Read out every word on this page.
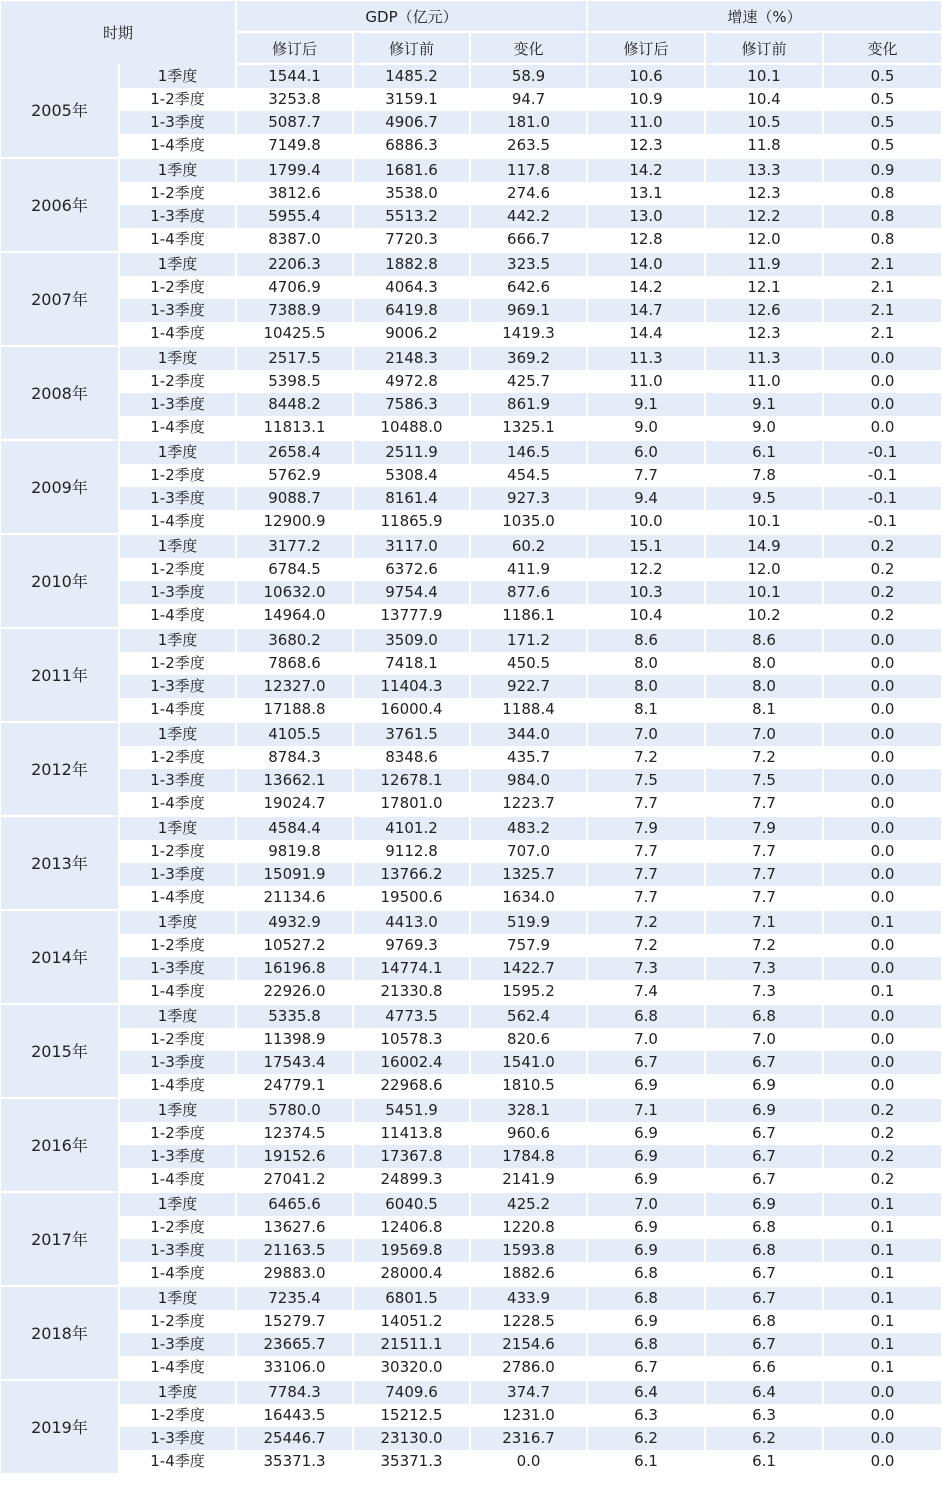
时期		GDP（亿元）			增速（%）		
		修订后	修订前	变化	修订后	修订前	变化
2005年	1季度	1544.1	1485.2	58.9	10.6	10.1	0.5
	1-2季度	3253.8	3159.1	94.7	10.9	10.4	0.5
	1-3季度	5087.7	4906.7	181.0	11.0	10.5	0.5
	1-4季度	7149.8	6886.3	263.5	12.3	11.8	0.5
2006年	1季度	1799.4	1681.6	117.8	14.2	13.3	0.9
	1-2季度	3812.6	3538.0	274.6	13.1	12.3	0.8
	1-3季度	5955.4	5513.2	442.2	13.0	12.2	0.8
	1-4季度	8387.0	7720.3	666.7	12.8	12.0	0.8
2007年	1季度	2206.3	1882.8	323.5	14.0	11.9	2.1
	1-2季度	4706.9	4064.3	642.6	14.2	12.1	2.1
	1-3季度	7388.9	6419.8	969.1	14.7	12.6	2.1
	1-4季度	10425.5	9006.2	1419.3	14.4	12.3	2.1
2008年	1季度	2517.5	2148.3	369.2	11.3	11.3	0.0
	1-2季度	5398.5	4972.8	425.7	11.0	11.0	0.0
	1-3季度	8448.2	7586.3	861.9	9.1	9.1	0.0
	1-4季度	11813.1	10488.0	1325.1	9.0	9.0	0.0
2009年	1季度	2658.4	2511.9	146.5	6.0	6.1	-0.1
	1-2季度	5762.9	5308.4	454.5	7.7	7.8	-0.1
	1-3季度	9088.7	8161.4	927.3	9.4	9.5	-0.1
	1-4季度	12900.9	11865.9	1035.0	10.0	10.1	-0.1
2010年	1季度	3177.2	3117.0	60.2	15.1	14.9	0.2
	1-2季度	6784.5	6372.6	411.9	12.2	12.0	0.2
	1-3季度	10632.0	9754.4	877.6	10.3	10.1	0.2
	1-4季度	14964.0	13777.9	1186.1	10.4	10.2	0.2
2011年	1季度	3680.2	3509.0	171.2	8.6	8.6	0.0
	1-2季度	7868.6	7418.1	450.5	8.0	8.0	0.0
	1-3季度	12327.0	11404.3	922.7	8.0	8.0	0.0
	1-4季度	17188.8	16000.4	1188.4	8.1	8.1	0.0
2012年	1季度	4105.5	3761.5	344.0	7.0	7.0	0.0
	1-2季度	8784.3	8348.6	435.7	7.2	7.2	0.0
	1-3季度	13662.1	12678.1	984.0	7.5	7.5	0.0
	1-4季度	19024.7	17801.0	1223.7	7.7	7.7	0.0
2013年	1季度	4584.4	4101.2	483.2	7.9	7.9	0.0
	1-2季度	9819.8	9112.8	707.0	7.7	7.7	0.0
	1-3季度	15091.9	13766.2	1325.7	7.7	7.7	0.0
	1-4季度	21134.6	19500.6	1634.0	7.7	7.7	0.0
2014年	1季度	4932.9	4413.0	519.9	7.2	7.1	0.1
	1-2季度	10527.2	9769.3	757.9	7.2	7.2	0.0
	1-3季度	16196.8	14774.1	1422.7	7.3	7.3	0.0
	1-4季度	22926.0	21330.8	1595.2	7.4	7.3	0.1
2015年	1季度	5335.8	4773.5	562.4	6.8	6.8	0.0
	1-2季度	11398.9	10578.3	820.6	7.0	7.0	0.0
	1-3季度	17543.4	16002.4	1541.0	6.7	6.7	0.0
	1-4季度	24779.1	22968.6	1810.5	6.9	6.9	0.0
2016年	1季度	5780.0	5451.9	328.1	7.1	6.9	0.2
	1-2季度	12374.5	11413.8	960.6	6.9	6.7	0.2
	1-3季度	19152.6	17367.8	1784.8	6.9	6.7	0.2
	1-4季度	27041.2	24899.3	2141.9	6.9	6.7	0.2
2017年	1季度	6465.6	6040.5	425.2	7.0	6.9	0.1
	1-2季度	13627.6	12406.8	1220.8	6.9	6.8	0.1
	1-3季度	21163.5	19569.8	1593.8	6.9	6.8	0.1
	1-4季度	29883.0	28000.4	1882.6	6.8	6.7	0.1
2018年	1季度	7235.4	6801.5	433.9	6.8	6.7	0.1
	1-2季度	15279.7	14051.2	1228.5	6.9	6.8	0.1
	1-3季度	23665.7	21511.1	2154.6	6.8	6.7	0.1
	1-4季度	33106.0	30320.0	2786.0	6.7	6.6	0.1
2019年	1季度	7784.3	7409.6	374.7	6.4	6.4	0.0
	1-2季度	16443.5	15212.5	1231.0	6.3	6.3	0.0
	1-3季度	25446.7	23130.0	2316.7	6.2	6.2	0.0
	1-4季度	35371.3	35371.3	0.0	6.1	6.1	0.0
